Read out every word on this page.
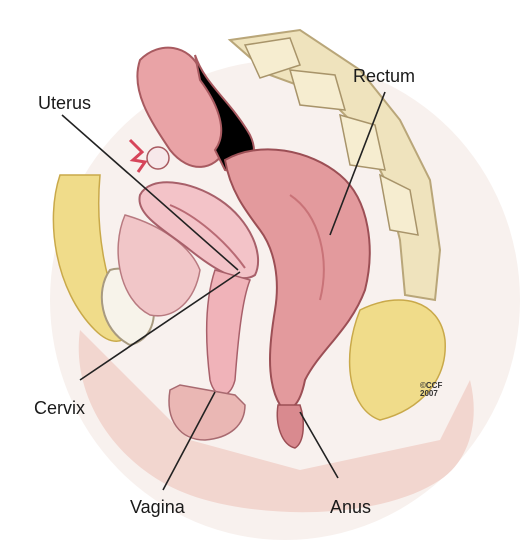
Uterus
Rectum
Cervix
Vagina	Anus
©CCF
2007
